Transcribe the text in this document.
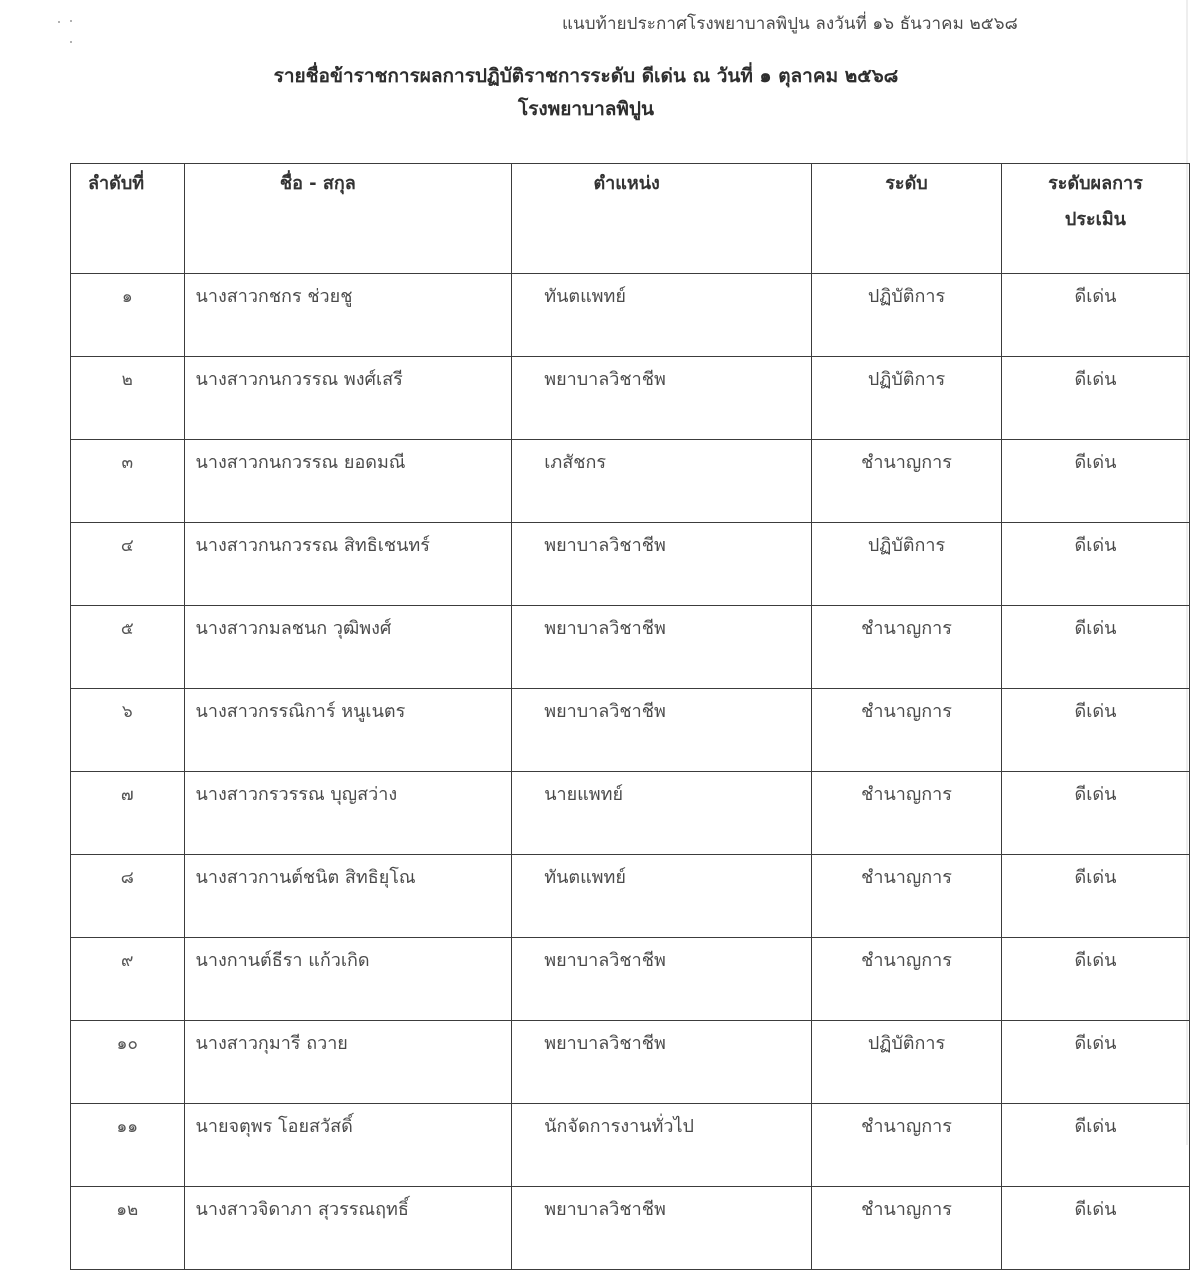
แนบท้ายประกาศโรงพยาบาลพิปูน ลงวันที่ ๑๖ ธันวาคม ๒๕๖๘
รายชื่อข้าราชการผลการปฏิบัติราชการระดับ ดีเด่น ณ วันที่ ๑ ตุลาคม ๒๕๖๘
โรงพยาบาลพิปูน
ลำดับที่	ชื่อ - สกุล	ตำแหน่ง	ระดับ	ระดับผลการ
ประเมิน

๑	นางสาวกชกร ช่วยชู	ทันตแพทย์	ปฏิบัติการ	ดีเด่น
๒	นางสาวกนกวรรณ พงศ์เสรี	พยาบาลวิชาชีพ	ปฏิบัติการ	ดีเด่น
๓	นางสาวกนกวรรณ ยอดมณี	เภสัชกร	ชำนาญการ	ดีเด่น
๔	นางสาวกนกวรรณ สิทธิเชนทร์	พยาบาลวิชาชีพ	ปฏิบัติการ	ดีเด่น
๕	นางสาวกมลชนก วุฒิพงศ์	พยาบาลวิชาชีพ	ชำนาญการ	ดีเด่น
๖	นางสาวกรรณิการ์ หนูเนตร	พยาบาลวิชาชีพ	ชำนาญการ	ดีเด่น
๗	นางสาวกรวรรณ บุญสว่าง	นายแพทย์	ชำนาญการ	ดีเด่น
๘	นางสาวกานต์ชนิต สิทธิยุโณ	ทันตแพทย์	ชำนาญการ	ดีเด่น
๙	นางกานต์ธีรา แก้วเกิด	พยาบาลวิชาชีพ	ชำนาญการ	ดีเด่น
๑๐	นางสาวกุมารี ถวาย	พยาบาลวิชาชีพ	ปฏิบัติการ	ดีเด่น
๑๑	นายจตุพร โอยสวัสดิ์	นักจัดการงานทั่วไป	ชำนาญการ	ดีเด่น
๑๒	นางสาวจิดาภา สุวรรณฤทธิ์	พยาบาลวิชาชีพ	ชำนาญการ	ดีเด่น
